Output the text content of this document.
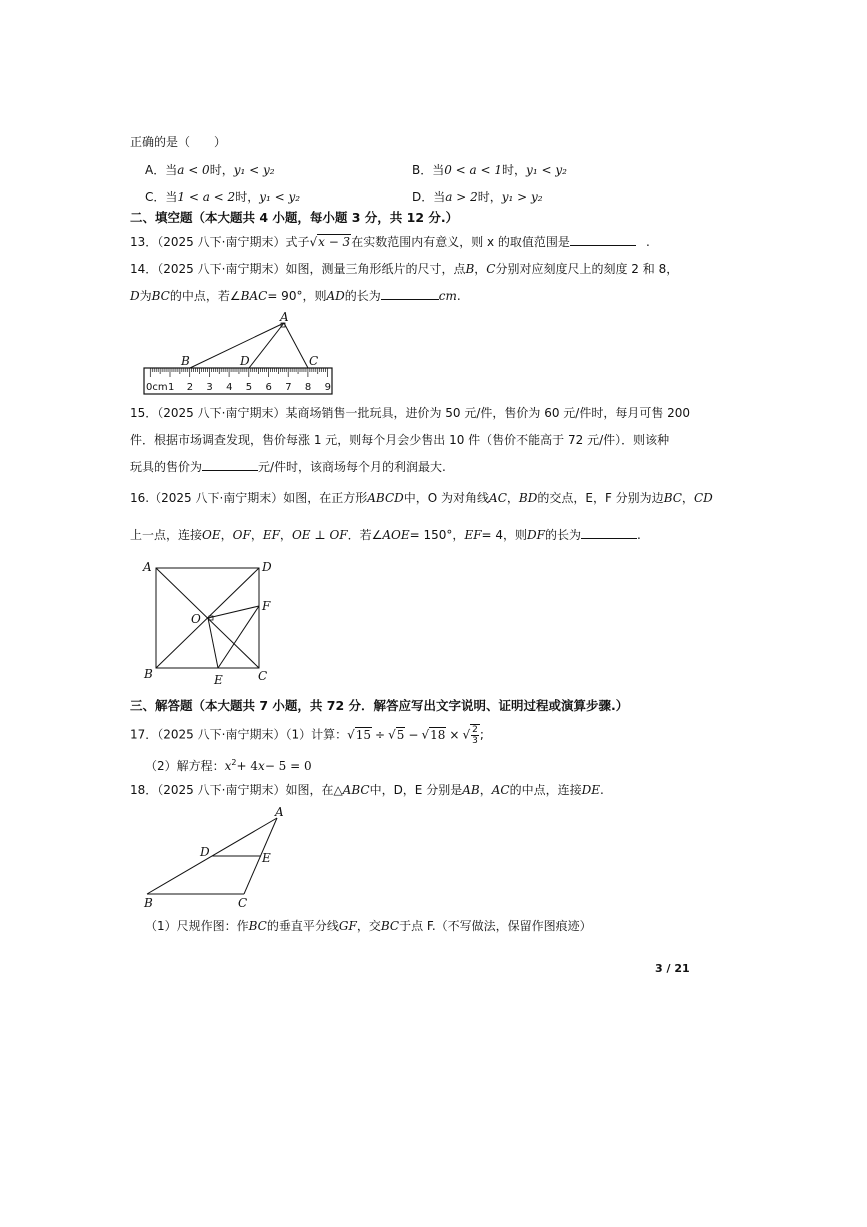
正确的是（　　）
A．当a < 0时，y₁ < y₂	B．当0 < a < 1时，y₁ < y₂
C．当1 < a < 2时，y₁ < y₂	D．当a > 2时，y₁ > y₂
二、填空题（本大题共 4 小题，每小题 3 分，共 12 分.）
13．（2025 八下·南宁期末）式子√x − 3在实数范围内有意义，则 x 的取值范围是	.
14．（2025 八下·南宁期末）如图，测量三角形纸片的尺寸，点B，C分别对应刻度尺上的刻度 2 和 8，
D为BC的中点，若∠BAC= 90°，则AD的长为	cm.
A
B	D	C
0cm 2 3 4 5 6 7 8 9
1
15．（2025 八下·南宁期末）某商场销售一批玩具，进价为 50 元/件，售价为 60 元/件时，每月可售 200
件．根据市场调查发现，售价每涨 1 元，则每个月会少售出 10 件（售价不能高于 72 元/件）．则该种
玩具的售价为	元/件时，该商场每个月的利润最大.
16.（2025 八下·南宁期末）如图，在正方形ABCD中，O 为对角线AC，BD的交点，E，F 分别为边BC，CD
上一点，连接OE，OF，EF，OE ⊥ OF．若∠AOE= 150°，EF= 4，则DF的长为	.
A	D
O
F
B	E	C
三、解答题（本大题共 7 小题，共 72 分．解答应写出文字说明、证明过程或演算步骤.）
17．（2025 八下·南宁期末）（1）计算：√15 ÷ √5 − √18 × √ $\frac{2}{3}$ ;
（2）解方程：$x^2+ 4x- 5 = 0$
18．（2025 八下·南宁期末）如图，在△ABC中，D，E 分别是AB，AC的中点，连接DE.
A
D	E
B	C
（1）尺规作图：作BC的垂直平分线GF，交BC于点 F.（不写做法，保留作图痕迹）
3 / 21
